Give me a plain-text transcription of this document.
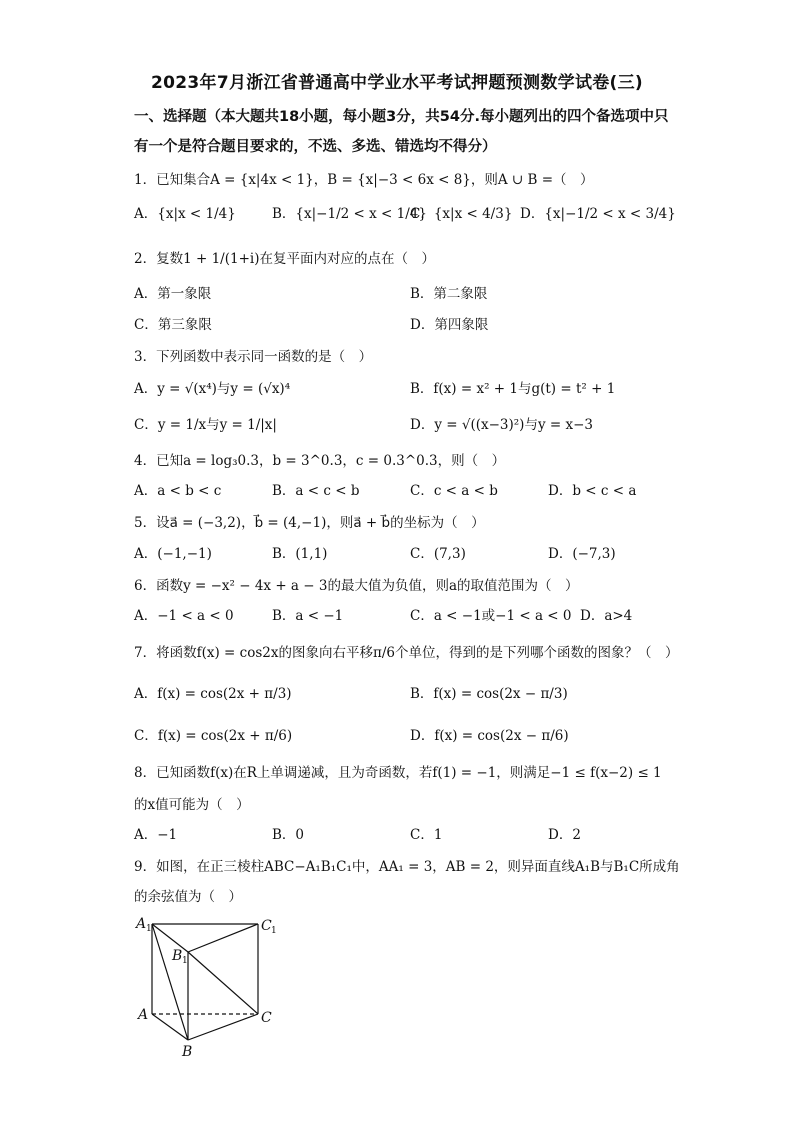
2023年7月浙江省普通高中学业水平考试押题预测数学试卷(三)
一、选择题（本大题共18小题，每小题3分，共54分.每小题列出的四个备选项中只有一个是符合题目要求的，不选、多选、错选均不得分）
1．已知集合A = {x|4x < 1}，B = {x|−3 < 6x < 8}，则A ∪ B =（　）
A．{x|x < 1/4}	B．{x|−1/2 < x < 1/4}
C．{x|x < 4/3} D．{x|−1/2 < x < 3/4}
2．复数1 + 1/(1+i)在复平面内对应的点在（　）
A．第一象限	B．第二象限
C．第三象限	D．第四象限
3．下列函数中表示同一函数的是（　）
A．y = √(x⁴)与y = (√x)⁴	B．f(x) = x² + 1与g(t) = t² + 1
C．y = 1/x与y = 1/|x|	D．y = √((x−3)²)与y = x−3
4．已知a = log₃0.3，b = 3^0.3，c = 0.3^0.3，则（　）
A．a < b < c	B．a < c < b	C．c < a < b	D．b < c < a
5．设a⃗ = (−3,2)，b⃗ = (4,−1)，则a⃗ + b⃗的坐标为（　）
A．(−1,−1)	B．(1,1)	C．(7,3)	D．(−7,3)
6．函数y = −x² − 4x + a − 3的最大值为负值，则a的取值范围为（　）
A．−1 < a < 0	B．a < −1	C．a < −1或−1 < a < 0 D．a>4
7．将函数f(x) = cos2x的图象向右平移π/6个单位，得到的是下列哪个函数的图象？（　）
A．f(x) = cos(2x + π/3)	B．f(x) = cos(2x − π/3)
C．f(x) = cos(2x + π/6)	D．f(x) = cos(2x − π/6)
8．已知函数f(x)在R上单调递减，且为奇函数，若f(1) = −1，则满足−1 ≤ f(x−2) ≤ 1
的x值可能为（　）
A．−1	B．0	C．1	D．2
9．如图，在正三棱柱ABC−A₁B₁C₁中，AA₁ = 3，AB = 2，则异面直线A₁B与B₁C所成角
的余弦值为（　）
A 1	C 1
B 1
A	C
B
